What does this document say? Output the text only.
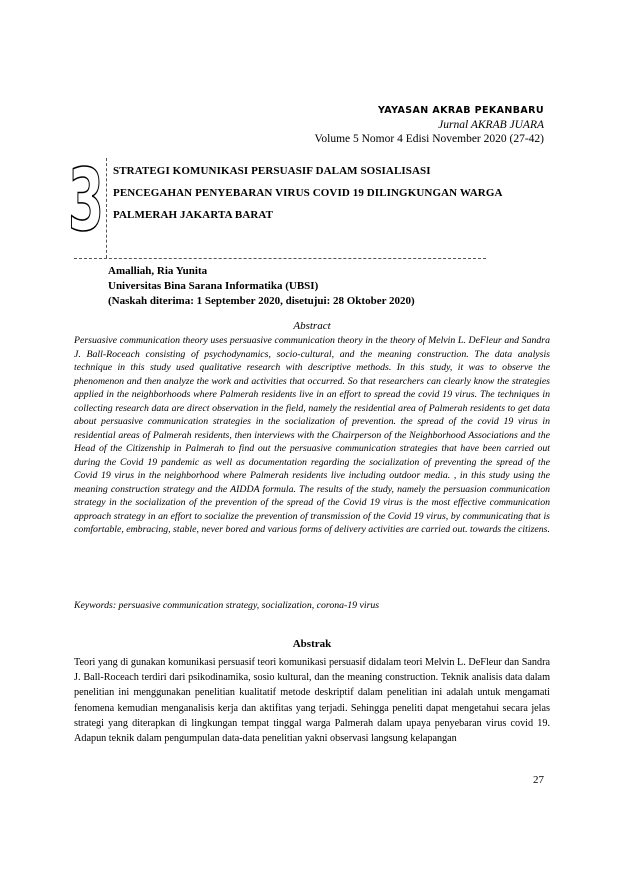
YAYASAN AKRAB PEKANBARU
Jurnal AKRAB JUARA
Volume 5 Nomor 4 Edisi November 2020 (27-42)
3 STRATEGI KOMUNIKASI PERSUASIF DALAM SOSIALISASI
PENCEGAHAN PENYEBARAN VIRUS COVID 19 DILINGKUNGAN WARGA
PALMERAH JAKARTA BARAT
Amalliah, Ria Yunita
Universitas Bina Sarana Informatika (UBSI)
(Naskah diterima: 1 September 2020, disetujui: 28 Oktober 2020)
Abstract
Persuasive communication theory uses persuasive communication theory in the theory of Melvin L. DeFleur and Sandra J. Ball-Roceach consisting of psychodynamics, socio-cultural, and the meaning construction. The data analysis technique in this study used qualitative research with descriptive methods. In this study, it was to observe the phenomenon and then analyze the work and activities that occurred. So that researchers can clearly know the strategies applied in the neighborhoods where Palmerah residents live in an effort to spread the covid 19 virus. The techniques in collecting research data are direct observation in the field, namely the residential area of Palmerah residents to get data about persuasive communication strategies in the socialization of prevention. the spread of the covid 19 virus in residential areas of Palmerah residents, then interviews with the Chairperson of the Neighborhood Associations and the Head of the Citizenship in Palmerah to find out the persuasive communication strategies that have been carried out during the Covid 19 pandemic as well as documentation regarding the socialization of preventing the spread of the Covid 19 virus in the neighborhood where Palmerah residents live including outdoor media. , in this study using the meaning construction strategy and the AIDDA formula. The results of the study, namely the persuasion communication strategy in the socialization of the prevention of the spread of the Covid 19 virus is the most effective communication approach strategy in an effort to socialize the prevention of transmission of the Covid 19 virus, by communicating that is comfortable, embracing, stable, never bored and various forms of delivery activities are carried out. towards the citizens.
Keywords: persuasive communication strategy, socialization, corona-19 virus
Abstrak
Teori yang di gunakan komunikasi persuasif teori komunikasi persuasif didalam teori Melvin L. DeFleur dan Sandra J. Ball-Roceach terdiri dari psikodinamika, sosio kultural, dan the meaning construction. Teknik analisis data dalam penelitian ini menggunakan penelitian kualitatif metode deskriptif dalam penelitian ini adalah untuk mengamati fenomena kemudian menganalisis kerja dan aktifitas yang terjadi. Sehingga peneliti dapat mengetahui secara jelas strategi yang diterapkan di lingkungan tempat tinggal warga Palmerah dalam upaya penyebaran virus covid 19. Adapun teknik dalam pengumpulan data-data penelitian yakni observasi langsung kelapangan
27
